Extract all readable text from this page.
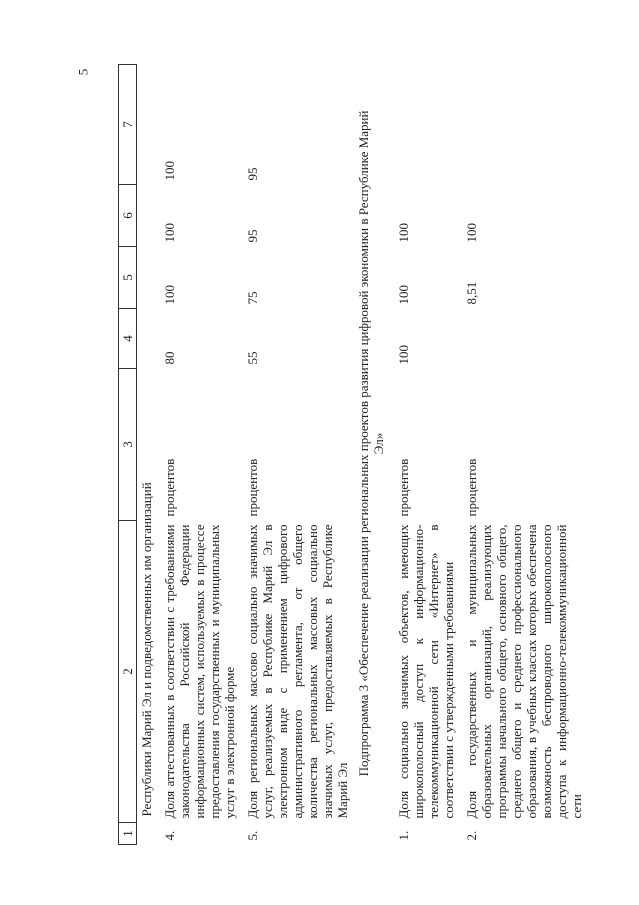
5
1	2	3	4	5	6	7
	Республики Марий Эл и подведомственных им организаций					
4.	Доля аттестованных в соответствии с требованиями законодательства Российской Федерации информационных систем, используемых в процессе предоставления государственных и муниципальных услуг в электронной форме	процентов	80	100	100	100
5.	Доля региональных массово социально значимых услуг, реализуемых в Республике Марий Эл в электронном виде с применением цифрового административного регламента, от общего количества региональных массовых социально значимых услуг, предоставляемых в Республике Марий Эл	процентов	55	75	95	95
	Подпрограмма 3 «Обеспечение реализации региональных проектов развития цифровой экономики в Республике Марий Эл»					
1.	Доля социально значимых объектов, имеющих широкополосный доступ к информационно-телекоммуникационной сети «Интернет» в соответствии с утвержденными требованиями	процентов	100	100	100	
2.	Доля государственных и муниципальных образовательных организаций, реализующих программы начального общего, основного общего, среднего общего и среднего профессионального образования, в учебных классах которых обеспечена возможность беспроводного широкополосного доступа к информационно-телекоммуникационной сети	процентов		8,51	100	
